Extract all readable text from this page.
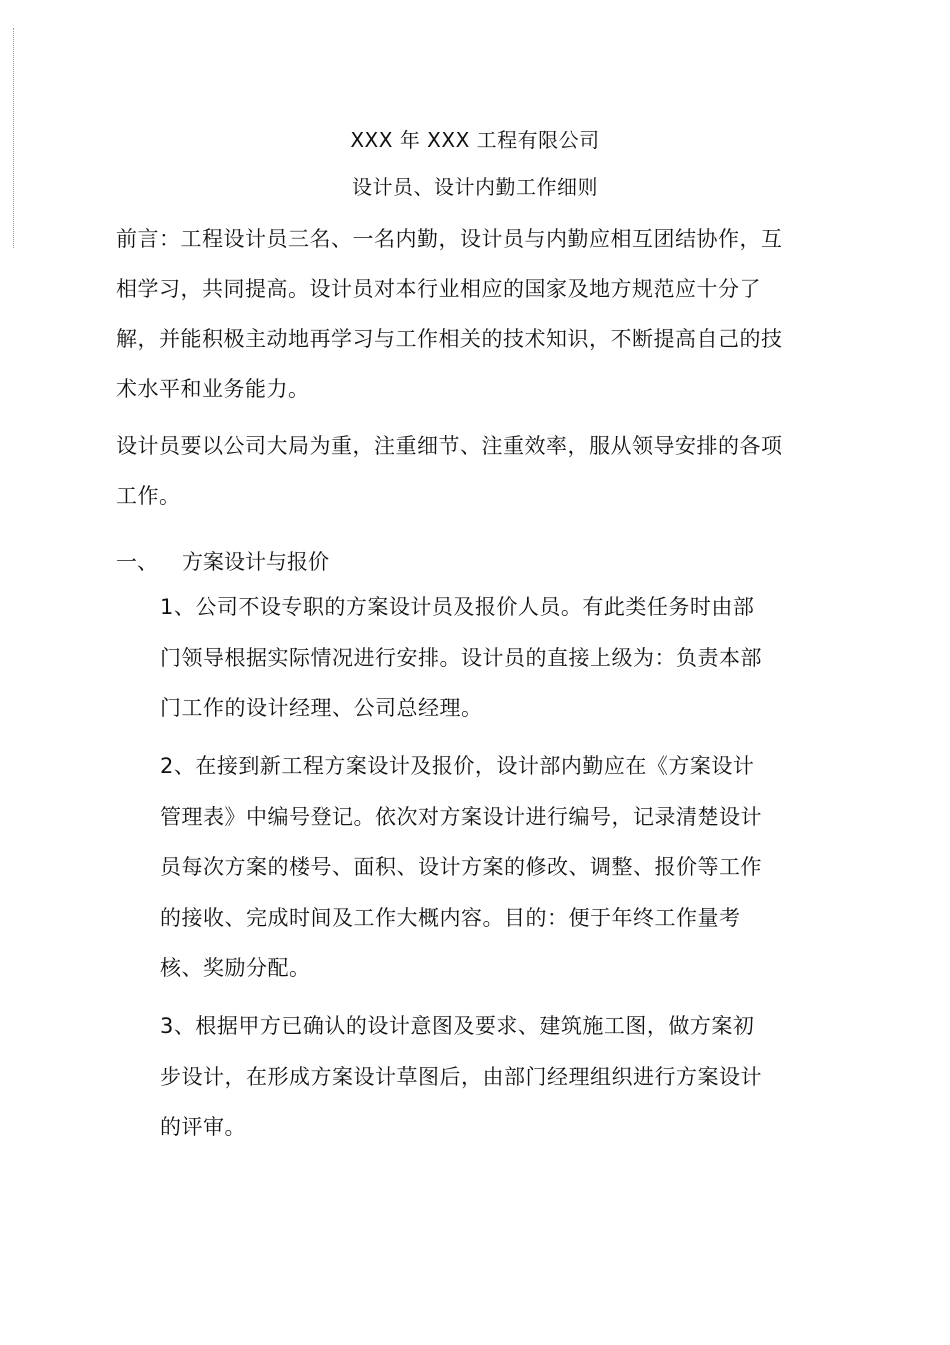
XXX 年 XXX 工程有限公司
设计员、设计内勤工作细则

前言：工程设计员三名、一名内勤，设计员与内勤应相互团结协作，互相学习，共同提高。设计员对本行业相应的国家及地方规范应十分了解，并能积极主动地再学习与工作相关的技术知识，不断提高自己的技术水平和业务能力。

设计员要以公司大局为重，注重细节、注重效率，服从领导安排的各项工作。

一、 方案设计与报价

1、公司不设专职的方案设计员及报价人员。有此类任务时由部门领导根据实际情况进行安排。设计员的直接上级为：负责本部门工作的设计经理、公司总经理。

2、在接到新工程方案设计及报价，设计部内勤应在《方案设计管理表》中编号登记。依次对方案设计进行编号，记录清楚设计员每次方案的楼号、面积、设计方案的修改、调整、报价等工作的接收、完成时间及工作大概内容。目的：便于年终工作量考核、奖励分配。

3、根据甲方已确认的设计意图及要求、建筑施工图，做方案初步设计，在形成方案设计草图后，由部门经理组织进行方案设计的评审。
